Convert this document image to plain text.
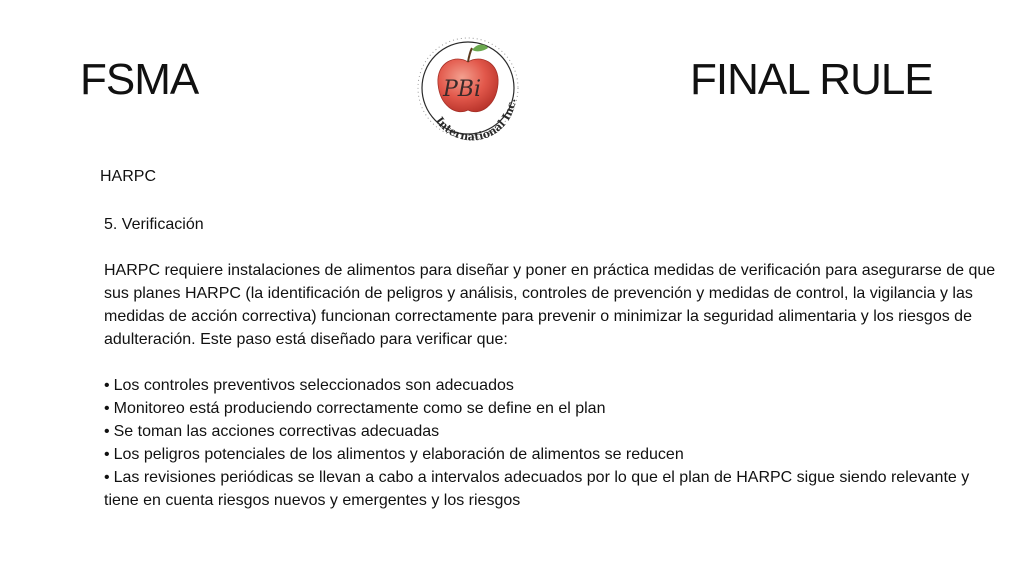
FSMA	FINAL RULE
PBi
International Inc.
HARPC

5. Verificación

HARPC requiere instalaciones de alimentos para diseñar y poner en práctica medidas de verificación para asegurarse de que sus planes HARPC (la identificación de peligros y análisis, controles de prevención y medidas de control, la vigilancia y las medidas de acción correctiva) funcionan correctamente para prevenir o minimizar la seguridad alimentaria y los riesgos de adulteración. Este paso está diseñado para verificar que:

• Los controles preventivos seleccionados son adecuados
• Monitoreo está produciendo correctamente como se define en el plan
• Se toman las acciones correctivas adecuadas
• Los peligros potenciales de los alimentos y elaboración de alimentos se reducen
• Las revisiones periódicas se llevan a cabo a intervalos adecuados por lo que el plan de HARPC sigue siendo relevante y tiene en cuenta riesgos nuevos y emergentes y los riesgos
